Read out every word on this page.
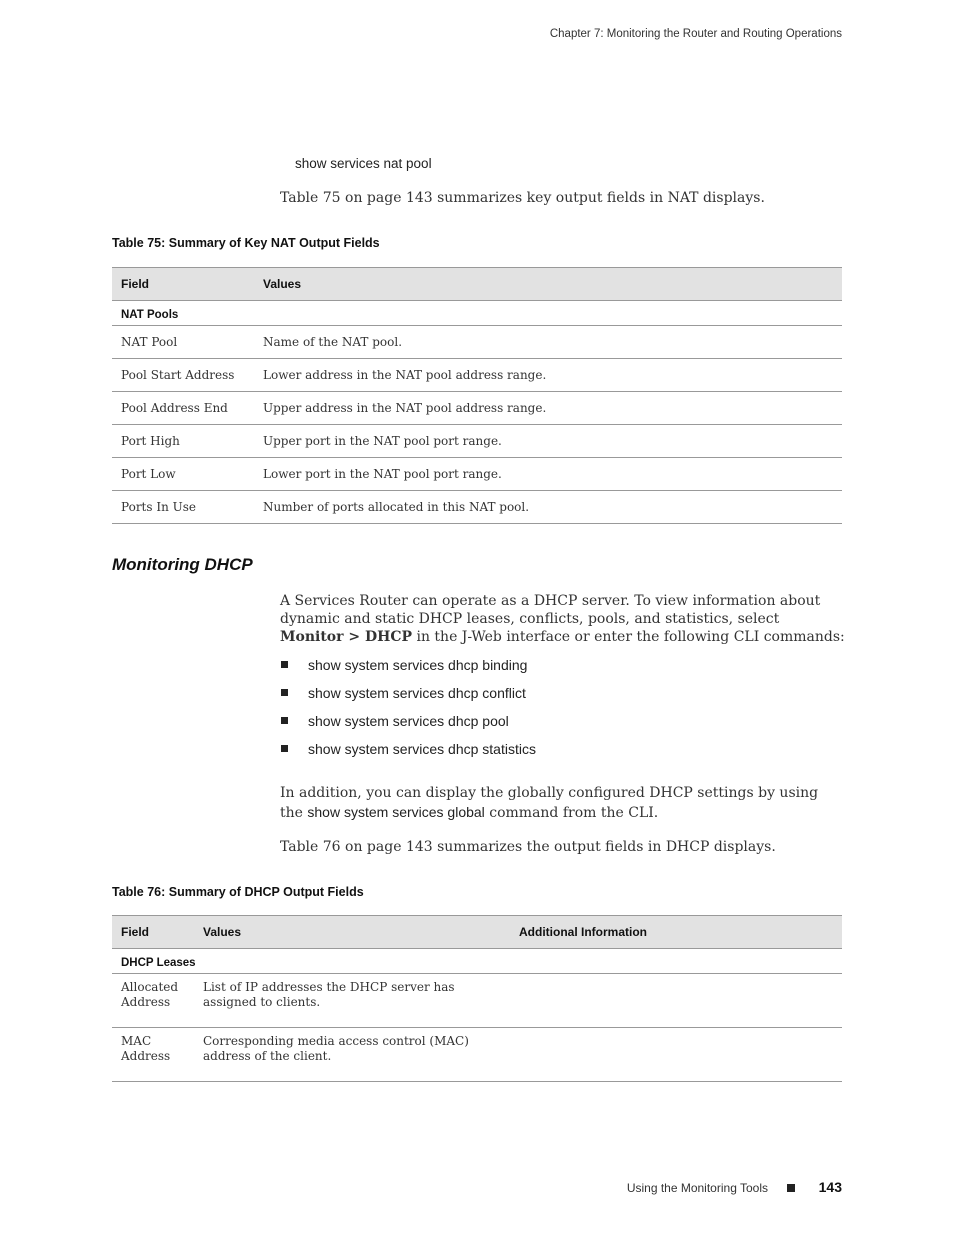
Chapter 7: Monitoring the Router and Routing Operations
show services nat pool
Table 75 on page 143 summarizes key output fields in NAT displays.
Table 75: Summary of Key NAT Output Fields
Field	Values
NAT Pools	
NAT Pool	Name of the NAT pool.
Pool Start Address	Lower address in the NAT pool address range.
Pool Address End	Upper address in the NAT pool address range.
Port High	Upper port in the NAT pool port range.
Port Low	Lower port in the NAT pool port range.
Ports In Use	Number of ports allocated in this NAT pool.
Monitoring DHCP
A Services Router can operate as a DHCP server. To view information about dynamic and static DHCP leases, conflicts, pools, and statistics, select Monitor > DHCP in the J-Web interface or enter the following CLI commands:
show system services dhcp binding
show system services dhcp conflict
show system services dhcp pool
show system services dhcp statistics
In addition, you can display the globally configured DHCP settings by using the show system services global command from the CLI.
Table 76 on page 143 summarizes the output fields in DHCP displays.
Table 76: Summary of DHCP Output Fields
Field	Values	Additional Information
DHCP Leases		
Allocated Address	List of IP addresses the DHCP server has assigned to clients.	
MAC Address	Corresponding media access control (MAC) address of the client.	
Using the Monitoring Tools	143
